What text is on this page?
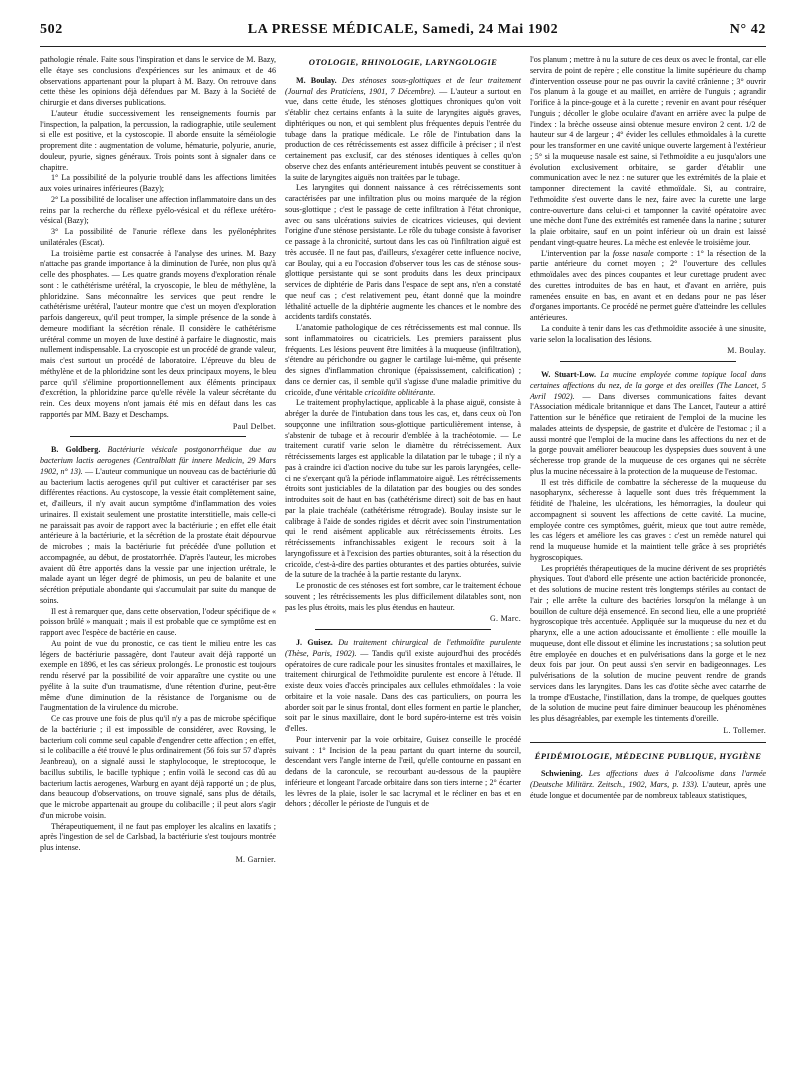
502	LA PRESSE MÉDICALE, Samedi, 24 Mai 1902	N° 42

pathologie rénale. Faite sous l'inspiration et dans le service de M. Bazy, elle étaye ses conclusions d'expériences sur les animaux et de 46 observations appartenant pour la plupart à M. Bazy. On retrouve dans cette thèse les opinions déjà défendues par M. Bazy à la Société de chirurgie et dans diverses publications.

L'auteur étudie successivement les renseignements fournis par l'inspection, la palpation, la percussion, la radiographie, utile seulement si elle est positive, et la cystoscopie. Il aborde ensuite la séméiologie proprement dite : augmentation de volume, hématurie, polyurie, anurie, douleur, pyurie, signes généraux. Trois points sont à signaler dans ce chapitre.

1° La possibilité de la polyurie troublé dans les affections limitées aux voies urinaires inférieures (Bazy);

2° La possibilité de localiser une affection inflammatoire dans un des reins par la recherche du réflexe pyélo-vésical et du réflexe urétéro-vésical (Bazy);

3° La possibilité de l'anurie réflexe dans les pyélonéphrites unilatérales (Escat).

La troisième partie est consacrée à l'analyse des urines. M. Bazy n'attache pas grande importance à la diminution de l'urée, non plus qu'à celle des phosphates. — Les quatre grands moyens d'exploration rénale sont : le cathétérisme urétéral, la cryoscopie, le bleu de méthylène, la phloridzine. Sans méconnaître les services que peut rendre le cathétérisme urétéral, l'auteur montre que c'est un moyen d'exploration parfois dangereux, qu'il peut tromper, la simple présence de la sonde à demeure modifiant la sécrétion rénale. Il considère le cathétérisme urétéral comme un moyen de luxe destiné à parfaire le diagnostic, mais nullement indispensable. La cryoscopie est un procédé de grande valeur, mais c'est surtout un procédé de laboratoire. L'épreuve du bleu de méthylène et de la phloridzine sont les deux principaux moyens, le bleu parce qu'il s'élimine proportionnellement aux éléments principaux d'excrétion, la phloridzine parce qu'elle révèle la valeur sécrétante du rein. Ces deux moyens n'ont jamais été mis en défaut dans les cas rapportés par MM. Bazy et Deschamps.

Paul Delbet.

B. Goldberg. Bactériurie vésicale postgonorrhéique due au bacterium lactis aerogenes (Centralblatt für innere Medicin, 29 Mars 1902, n° 13). — L'auteur communique un nouveau cas de bactériurie dû au bacterium lactis aerogenes qu'il put cultiver et caractériser par ses différentes réactions. Au cystoscope, la vessie était complètement saine, et, d'ailleurs, il n'y avait aucun symptôme d'inflammation des voies urinaires. Il existait seulement une prostatite interstitielle, mais celle-ci ne paraissait pas avoir de rapport avec la bactériurie ; en effet elle était antérieure à la bactériurie, et la sécrétion de la prostate était dépourvue de microbes ; mais la bactériurie fut précédée d'une pollution et accompagnée, au début, de prostatorrhée. D'après l'auteur, les microbes avaient dû être apportés dans la vessie par une injection urétrale, le malade ayant un léger degré de phimosis, un peu de balanite et une sécrétion préputiale abondante qui s'accumulait par suite du manque de soins.

Il est à remarquer que, dans cette observation, l'odeur spécifique de « poisson brûlé » manquait ; mais il est probable que ce symptôme est en rapport avec l'espèce de bactérie en cause.

Au point de vue du pronostic, ce cas tient le milieu entre les cas légers de bactériurie passagère, dont l'auteur avait déjà rapporté un exemple en 1896, et les cas sérieux prolongés. Le pronostic est toujours rendu réservé par la possibilité de voir apparaître une cystite ou une pyélite à la suite d'un traumatisme, d'une rétention d'urine, peut-être même d'une diminution de la résistance de l'organisme ou de l'augmentation de la virulence du microbe.

Ce cas prouve une fois de plus qu'il n'y a pas de microbe spécifique de la bactériurie ; il est impossible de considérer, avec Rovsing, le bacterium coli comme seul capable d'engendrer cette affection ; en effet, si le colibacille a été trouvé le plus ordinairement (56 fois sur 57 d'après Jeanbreau), on a signalé aussi le staphylocoque, le streptocoque, le bacillus subtilis, le bacille typhique ; enfin voilà le second cas dû au bacterium lactis aerogenes, Warburg en ayant déjà rapporté un ; de plus, dans beaucoup d'observations, on trouve signalé, sans plus de détails, que le microbe appartenait au groupe du colibacille ; il peut alors s'agir d'un microbe voisin.

Thérapeutiquement, il ne faut pas employer les alcalins en laxatifs ; après l'ingestion de sel de Carlsbad, la bactériurie s'est toujours montrée plus intense.

M. Garnier.
OTOLOGIE, RHINOLOGIE, LARYNGOLOGIE

M. Boulay. Des sténoses sous-glottiques et de leur traitement (Journal des Praticiens, 1901, 7 Décembre). — L'auteur a surtout en vue, dans cette étude, les sténoses glottiques chroniques qu'on voit s'établir chez certains enfants à la suite de laryngites aiguës graves, diphtériques ou non, et qui semblent plus fréquentes depuis l'entrée du tubage dans la pratique médicale. Le rôle de l'intubation dans la production de ces rétrécissements est assez difficile à préciser ; il n'est certainement pas exclusif, car des sténoses identiques à celles qu'on observe chez des enfants antérieurement intubés peuvent se constituer à la suite de laryngites aiguës non traitées par le tubage.

Les laryngites qui donnent naissance à ces rétrécissements sont caractérisées par une infiltration plus ou moins marquée de la région sous-glottique ; c'est le passage de cette infiltration à l'état chronique, avec ou sans ulcérations suivies de cicatrices vicieuses, qui devient l'origine d'une sténose persistante. Le rôle du tubage consiste à favoriser ce passage à la chronicité, surtout dans les cas où l'infiltration aiguë est très accusée. Il ne faut pas, d'ailleurs, s'exagérer cette influence nocive, car Boulay, qui a eu l'occasion d'observer tous les cas de sténose sous-glottique persistante qui se sont produits dans les deux principaux services de diphtérie de Paris dans l'espace de sept ans, n'en a constaté que neuf cas ; c'est relativement peu, étant donné que la moindre léthalité actuelle de la diphtérie augmente les chances et le nombre des accidents tardifs constatés.

L'anatomie pathologique de ces rétrécissements est mal connue. Ils sont inflammatoires ou cicatriciels. Les premiers paraissent plus fréquents. Les lésions peuvent être limitées à la muqueuse (infiltration), s'étendre au périchondre ou gagner le cartilage lui-même, qui présente des signes d'inflammation chronique (épaississement, calcification) ; dans ce dernier cas, il semble qu'il s'agisse d'une maladie primitive du cricoïde, d'une véritable cricoïdite oblitérante.

Le traitement prophylactique, applicable à la phase aiguë, consiste à abréger la durée de l'intubation dans tous les cas, et, dans ceux où l'on soupçonne une infiltration sous-glottique particulièrement intense, à s'abstenir de tubage et à recourir d'emblée à la trachéotomie. — Le traitement curatif varie selon le diamètre du rétrécissement. Aux rétrécissements larges est applicable la dilatation par le tubage ; il n'y a pas à craindre ici d'action nocive du tube sur les parois laryngées, celle-ci ne s'exerçant qu'à la période inflammatoire aiguë. Les rétrécissements étroits sont justiciables de la dilatation par des bougies ou des sondes introduites soit de haut en bas (cathétérisme direct) soit de bas en haut par la plaie trachéale (cathétérisme rétrograde). Boulay insiste sur le calibrage à l'aide de sondes rigides et décrit avec soin l'instrumentation qui le rend aisément applicable aux rétrécissements étroits. Les rétrécissements infranchissables exigent le recours soit à la laryngofissure et à l'excision des parties obturantes, soit à la résection du cricoïde, c'est-à-dire des parties obturantes et des parties obturées, suivie de la suture de la trachée à la partie restante du larynx.

Le pronostic de ces sténoses est fort sombre, car le traitement échoue souvent ; les rétrécissements les plus difficilement dilatables sont, non pas les plus étroits, mais les plus étendus en hauteur.

G. Marc.

J. Guisez. Du traitement chirurgical de l'ethmoïdite purulente (Thèse, Paris, 1902). — Tandis qu'il existe aujourd'hui des procédés opératoires de cure radicale pour les sinusites frontales et maxillaires, le traitement chirurgical de l'ethmoïdite purulente est encore à l'étude. Il existe deux voies d'accès principales aux cellules ethmoïdales : la voie orbitaire et la voie nasale. Dans des cas particuliers, on pourra les aborder soit par le sinus frontal, dont elles forment en partie le plancher, soit par le sinus maxillaire, dont le bord supéro-interne est très voisin d'elles.

Pour intervenir par la voie orbitaire, Guisez conseille le procédé suivant : 1° Incision de la peau partant du quart interne du sourcil, descendant vers l'angle interne de l'œil, qu'elle contourne en passant en dedans de la caroncule, se recourbant au-dessous de la paupière inférieure et longeant l'arcade orbitaire dans son tiers interne ; 2° écarter les lèvres de la plaie, isoler le sac lacrymal et le récliner en bas et en dehors ; décoller le périoste de l'unguis et de

l'os planum ; mettre à nu la suture de ces deux os avec le frontal, car elle servira de point de repère ; elle constitue la limite supérieure du champ d'intervention osseuse pour ne pas ouvrir la cavité crânienne ; 3° ouvrir l'os planum à la gouge et au maillet, en arrière de l'unguis ; agrandir l'orifice à la pince-gouge et à la curette ; revenir en avant pour réséquer l'unguis ; décoller le globe oculaire d'avant en arrière avec la pulpe de l'index : la brèche osseuse ainsi obtenue mesure environ 2 cent. 1/2 de hauteur sur 4 de largeur ; 4° évider les cellules ethmoïdales à la curette pour les transformer en une cavité unique ouverte largement à l'extérieur ; 5° si la muqueuse nasale est saine, si l'ethmoïdite a eu jusqu'alors une évolution exclusivement orbitaire, se garder d'établir une communication avec le nez : ne suturer que les extrémités de la plaie et tamponner directement la cavité ethmoïdale. Si, au contraire, l'ethmoïdite s'est ouverte dans le nez, faire avec la curette une large contre-ouverture dans celui-ci et tamponner la cavité opératoire avec une mèche dont l'une des extrémités est ramenée dans la narine ; suturer la plaie orbitaire, sauf en un point inférieur où un drain est laissé pendant vingt-quatre heures. La mèche est enlevée le troisième jour.

L'intervention par la fosse nasale comporte : 1° la résection de la partie antérieure du cornet moyen ; 2° l'ouverture des cellules ethmoïdales avec des pinces coupantes et leur curettage prudent avec des curettes introduites de bas en haut, et d'avant en arrière, puis ramenées ensuite en bas, en avant et en dedans pour ne pas léser d'organes importants. Ce procédé ne permet guère d'atteindre les cellules antérieures.

La conduite à tenir dans les cas d'ethmoïdite associée à une sinusite, varie selon la localisation des lésions.

M. Boulay.

W. Stuart-Low. La mucine employée comme topique local dans certaines affections du nez, de la gorge et des oreilles (The Lancet, 5 Avril 1902). — Dans diverses communications faites devant l'Association médicale britannique et dans The Lancet, l'auteur a attiré l'attention sur le bénéfice que retiraient de l'emploi de la mucine les malades atteints de dyspepsie, de gastrite et d'ulcère de l'estomac ; il a aussi montré que l'emploi de la mucine dans les affections du nez et de la gorge pouvait améliorer beaucoup les dyspepsies dues souvent à une sécheresse trop grande de la muqueuse de ces organes qui ne sécrète plus la mucine nécessaire à la protection de la muqueuse de l'estomac.

Il est très difficile de combattre la sécheresse de la muqueuse du nasopharynx, sécheresse à laquelle sont dues très fréquemment la fétidité de l'haleine, les ulcérations, les hémorragies, la douleur qui accompagnent si souvent les affections de cette cavité. La mucine, employée contre ces symptômes, guérit, mieux que tout autre remède, les cas légers et améliore les cas graves : c'est un remède naturel qui rend la muqueuse humide et la maintient telle grâce à ses propriétés hygroscopiques.

Les propriétés thérapeutiques de la mucine dérivent de ses propriétés physiques. Tout d'abord elle présente une action bactéricide prononcée, et des solutions de mucine restent très longtemps stériles au contact de l'air ; elle arrête la culture des bactéries lorsqu'on la mélange à un bouillon de culture déjà ensemencé. En second lieu, elle a une propriété hygroscopique très accentuée. Appliquée sur la muqueuse du nez et du pharynx, elle a une action adoucissante et émolliente : elle mouille la muqueuse, dont elle dissout et élimine les incrustations ; sa solution peut être employée en douches et en pulvérisations dans la gorge et le nez deux fois par jour. On peut aussi s'en servir en badigeonnages. Les pulvérisations de la solution de mucine peuvent rendre de grands services dans les laryngites. Dans les cas d'otite sèche avec catarrhe de la trompe d'Eustache, l'instillation, dans la trompe, de quelques gouttes de la solution de mucine peut faire diminuer beaucoup les phénomènes les plus désagréables, par exemple les tintements d'oreille.

L. Tollemer.
ÉPIDÉMIOLOGIE, MÉDECINE PUBLIQUE, HYGIÈNE

Schwiening. Les affections dues à l'alcoolisme dans l'armée (Deutsche Militärz. Zeitsch., 1902, Mars, p. 133). L'auteur, après une étude longue et documentée par de nombreux tableaux statistiques,
